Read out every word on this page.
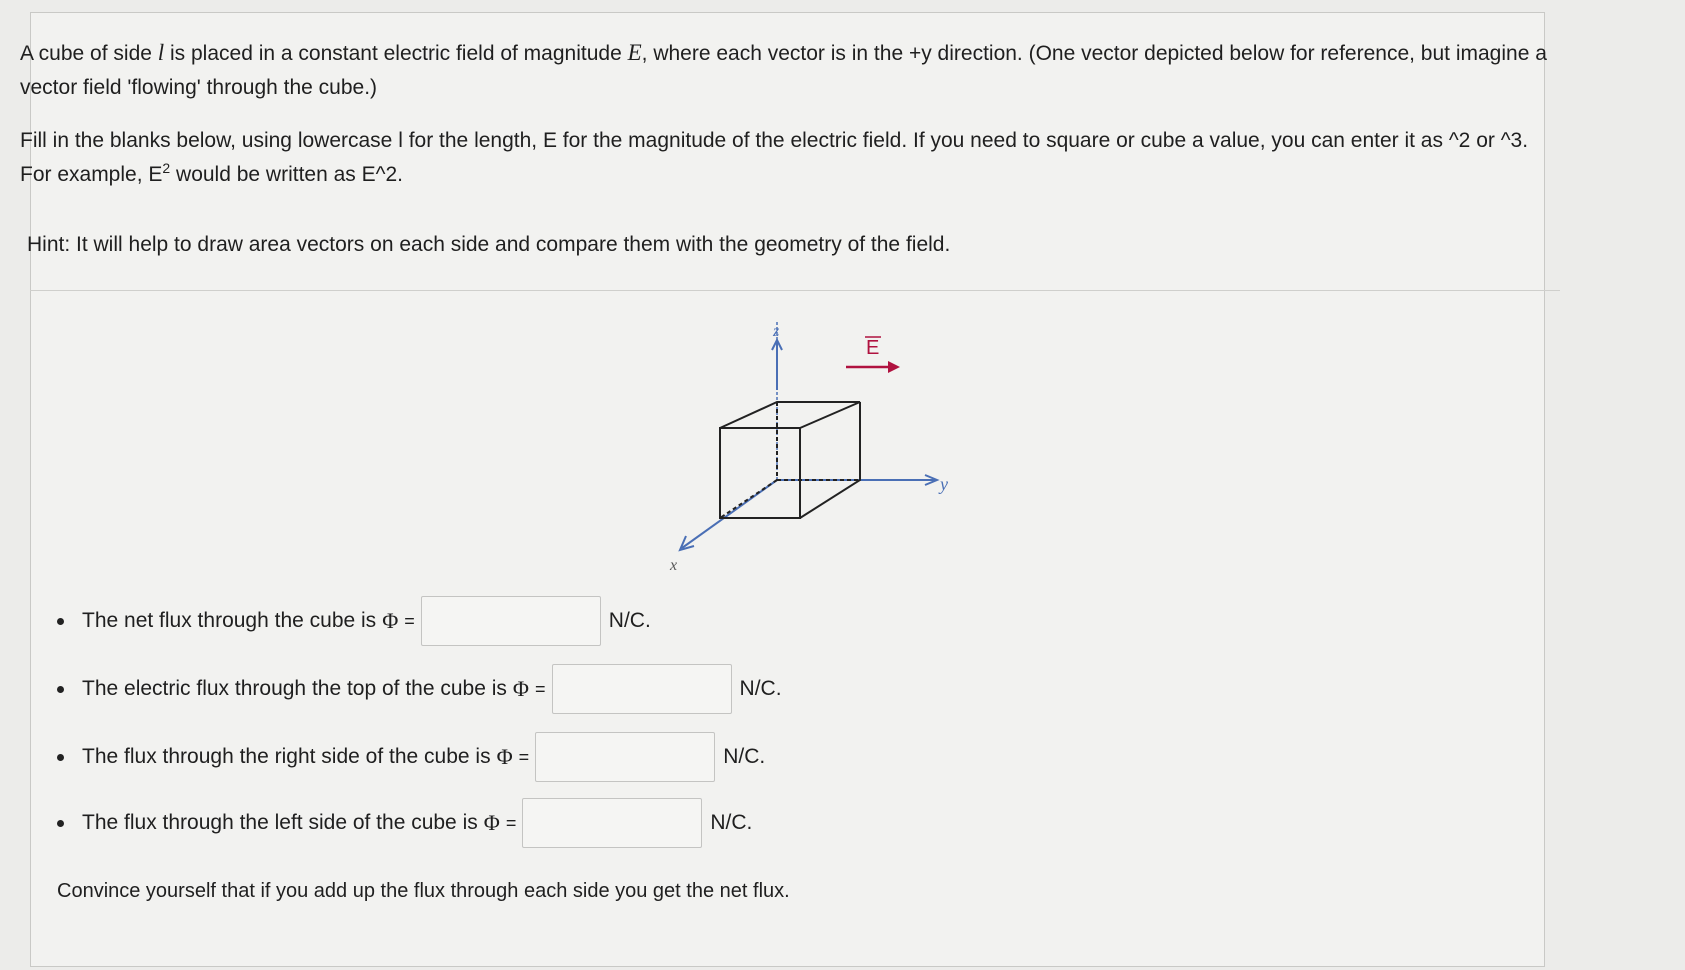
A cube of side l is placed in a constant electric field of magnitude E, where each vector is in the +y direction. (One vector depicted below for reference, but imagine a vector field 'flowing' through the cube.)
Fill in the blanks below, using lowercase l for the length, E for the magnitude of the electric field. If you need to square or cube a value, you can enter it as ^2 or ^3. For example, $E^2$ would be written as E^2.
Hint: It will help to draw area vectors on each side and compare them with the geometry of the field.
z
y
x
E
The net flux through the cube is Φ =	N/C.
The electric flux through the top of the cube is Φ =	N/C.
The flux through the right side of the cube is Φ =	N/C.
The flux through the left side of the cube is Φ =	N/C.
Convince yourself that if you add up the flux through each side you get the net flux.
